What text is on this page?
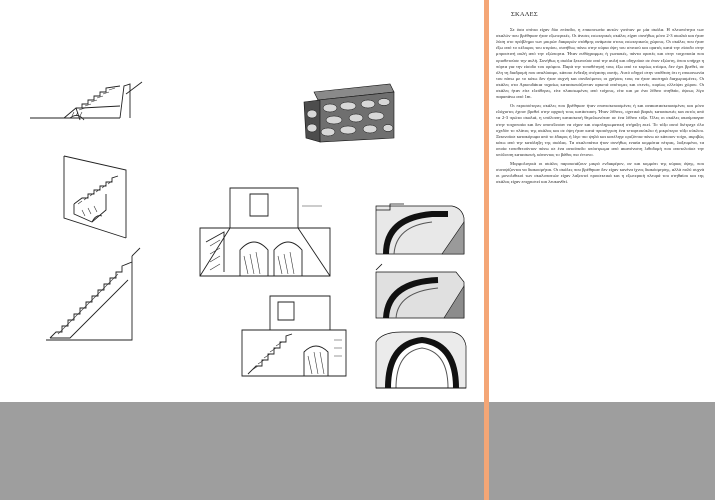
ΣΚΑΛΕΣ

Σε όσα σπίτια είχαν δύο επίπεδα, η επικοινωνία αυτών γινόταν με μία σκάλα. Η πλειονότητα των σκαλών που βρέθηκαν ήταν εξωτερικές. Οι άνισες εσωτερικές σκάλες είχαν συνήθως μόνο 2-3 σκαλιά και ήταν λύση στο πρόβλημα των μικρών διαφορών στάθμης ανάμεσα στους εσωτερικούς χώρους. Οι σκάλες που ήταν έξω από το κέλυφος του κτιρίου, συνήθως πάνω στην κύρια όψη του σπιτιού και ορατές κατά την είσοδο στην μπροστινή αυλή από την εξώπορτα. Ήταν ευθύγραμμες ή γωνιακές, πάντα ορατές και στην τοιχοποιία που οριοθετούσε την αυλή. Συνήθως η σκάλα ξεκινούσε από την αυλή και οδηγούσε σε έναν εξώστη, όπου υπήρχε η πόρτα για την είσοδο του ορόφου. Παρά την τοποθέτησή τους έξω από το κυρίως κτίσμα, δεν έχει βρεθεί, σε όλη τη διαδρομή που αναλύσαμε, κάποιο ένδειξη στέγασης αυτής. Αυτό οδηγεί στην υπόθεση ότι η επικοινωνία του πάνω με το κάτω δεν ήταν συχνή και συνδεόμενες οι χρήσεις τους να ήταν αυστηρά διαχωρισμένες. Οι σκάλες στα Αρκουδάκια τυχαίως κατασκευάζονταν αρκετά απότομες και στενές, κυρίως ελλείψει χώρου. Οι σκάλες ήταν είτε ελεύθερες, είτε πλαισιωμένες από τοίχους, είτε και με ένα λίθινο στηθαίο, όψεως λίγο παραπάνω από 1m.

Οι περισσότερες σκάλες που βρέθηκαν ήταν επανισκευασμένες ή και ανακατασκευασμένες και μόνο ελάχιστες έχουν βρεθεί στην αρχική τους κατάσταση. Ήταν λίθινες, σχετικά βαριές κατασκευές και εκτός από τα 2-3 πρώτα σκαλιά, η υπόλοιπη κατασκευή θεμελιωνόταν σε ένα λίθινο τόξο. Όλες οι σκάλες ακούμπαγαν στην τοιχοποιία και δεν αποτέλεσαν να είχαν και συμπληρωματική στήριξη εκεί. Το τόξο αυτό διέτρεχε όλο σχεδόν το πλάτος της σκάλας και σε όψη ήταν κατά προσέγγιση ένα τεταρτοκύκλιο ή μικρότερο τόξο κύκλου. Ξεκινούσε κατακόρυφα από το έδαφος ή λίγο πιο ψηλά και κατέληγε οριζόντια πάνω σε κάποιον τοίχο, ακριβώς κάτω από την κατάληξη της σκάλας. Τα σκαλοπάτια ήταν συνήθως ενιαία κομμάτια πέτρας, λαξευμένα, τα οποία τοποθετούνταν πάνω σε ένα ανισόπεδο υπόστρωμα από ακανόνιστη λιθοδομή που αποτελούσε την υπόλοιπη κατασκευή, κάνοντας το βάθος πιο έντονο.

Μορφολογικά οι σκάλες παρουσιάζουν μικρό ενδιαφέρον, αν και κομμάτι της κύριας όψης, που συνοψίζονται να διακοσμήται. Οι σκάλες που βρέθηκαν δεν είχαν κανένα ίχνος διακόσμησης, αλλά πολύ συχνά οι μονολιθικοί των σκαλοπατιών είχαν λαξευτεί προσεκτικά και η εξωτερική πλευρά του στηθαίου και της σκάλας είχαν επιχριστεί και λευκανθεί.
